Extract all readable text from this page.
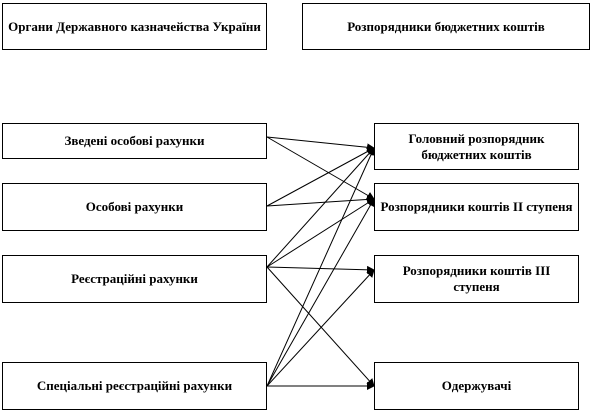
Органи Державного казначейства України	Розпорядники бюджетних коштів
Зведені особові рахунки
Особові рахунки
Реєстраційні рахунки
Спеціальні реєстраційні рахунки
Головний розпорядник бюджетних коштів
Розпорядники коштів ІІ ступеня
Розпорядники коштів ІІІ ступеня
Одержувачі
